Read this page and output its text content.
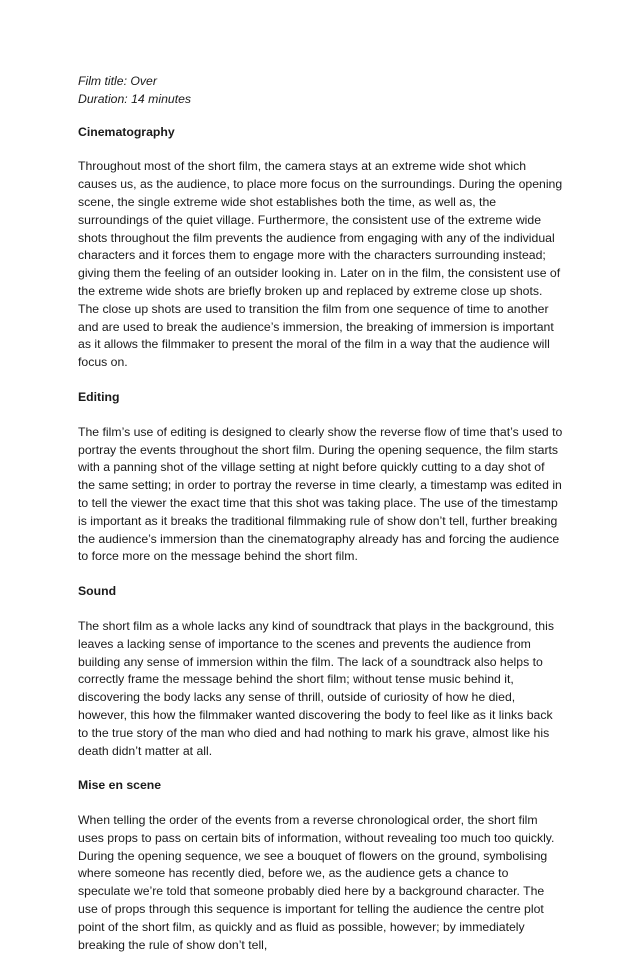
Film title: Over

Duration: 14 minutes

Cinematography

Throughout most of the short film, the camera stays at an extreme wide shot which causes us, as the audience, to place more focus on the surroundings. During the opening scene, the single extreme wide shot establishes both the time, as well as, the surroundings of the quiet village. Furthermore, the consistent use of the extreme wide shots throughout the film prevents the audience from engaging with any of the individual characters and it forces them to engage more with the characters surrounding instead; giving them the feeling of an outsider looking in. Later on in the film, the consistent use of the extreme wide shots are briefly broken up and replaced by extreme close up shots. The close up shots are used to transition the film from one sequence of time to another and are used to break the audience’s immersion, the breaking of immersion is important as it allows the filmmaker to present the moral of the film in a way that the audience will focus on.

Editing

The film’s use of editing is designed to clearly show the reverse flow of time that’s used to portray the events throughout the short film. During the opening sequence, the film starts with a panning shot of the village setting at night before quickly cutting to a day shot of the same setting; in order to portray the reverse in time clearly, a timestamp was edited in to tell the viewer the exact time that this shot was taking place. The use of the timestamp is important as it breaks the traditional filmmaking rule of show don’t tell, further breaking the audience’s immersion than the cinematography already has and forcing the audience to force more on the message behind the short film.

Sound

The short film as a whole lacks any kind of soundtrack that plays in the background, this leaves a lacking sense of importance to the scenes and prevents the audience from building any sense of immersion within the film. The lack of a soundtrack also helps to correctly frame the message behind the short film; without tense music behind it, discovering the body lacks any sense of thrill, outside of curiosity of how he died, however, this how the filmmaker wanted discovering the body to feel like as it links back to the true story of the man who died and had nothing to mark his grave, almost like his death didn’t matter at all.

Mise en scene

When telling the order of the events from a reverse chronological order, the short film uses props to pass on certain bits of information, without revealing too much too quickly. During the opening sequence, we see a bouquet of flowers on the ground, symbolising where someone has recently died, before we, as the audience gets a chance to speculate we’re told that someone probably died here by a background character. The use of props through this sequence is important for telling the audience the centre plot point of the short film, as quickly and as fluid as possible, however; by immediately breaking the rule of show don’t tell,
